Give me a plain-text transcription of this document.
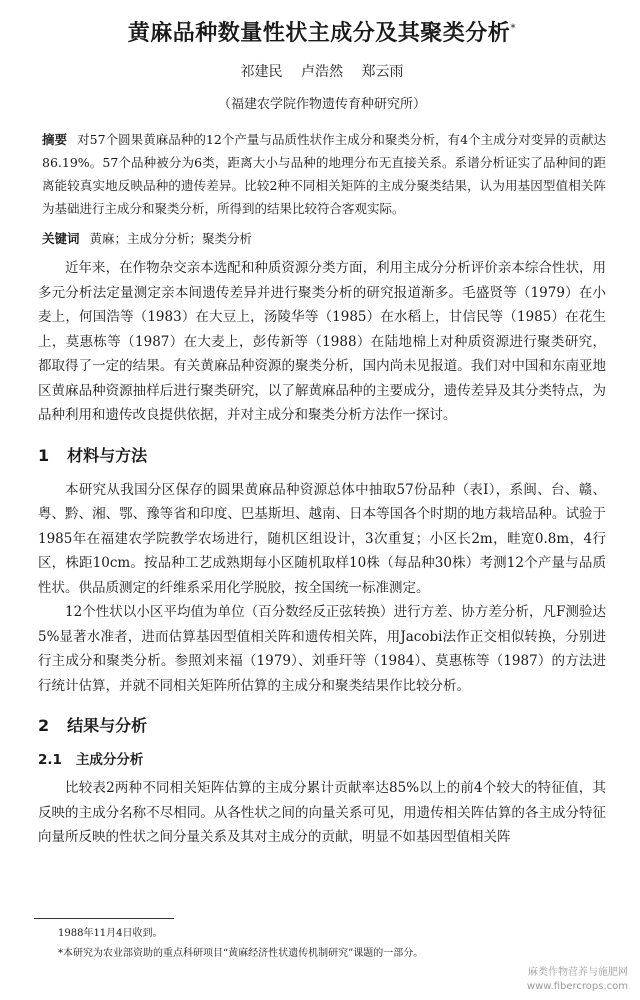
黄麻品种数量性状主成分及其聚类分析*
祁建民 卢浩然 郑云雨
（福建农学院作物遗传育种研究所）
摘要 对57个圆果黄麻品种的12个产量与品质性状作主成分和聚类分析，有4个主成分对变异的贡献达86.19%。57个品种被分为6类，距离大小与品种的地理分布无直接关系。系谱分析证实了品种间的距离能较真实地反映品种的遗传差异。比较2种不同相关矩阵的主成分聚类结果，认为用基因型值相关阵为基础进行主成分和聚类分析，所得到的结果比较符合客观实际。
关键词 黄麻；主成分分析；聚类分析

近年来，在作物杂交亲本选配和种质资源分类方面，利用主成分分析评价亲本综合性状，用多元分析法定量测定亲本间遗传差异并进行聚类分析的研究报道渐多。毛盛贤等（1979）在小麦上，何国浩等（1983）在大豆上，汤陵华等（1985）在水稻上，甘信民等（1985）在花生上，莫惠栋等（1987）在大麦上，彭传新等（1988）在陆地棉上对种质资源进行聚类研究，都取得了一定的结果。有关黄麻品种资源的聚类分析，国内尚未见报道。我们对中国和东南亚地区黄麻品种资源抽样后进行聚类研究，以了解黄麻品种的主要成分，遗传差异及其分类特点，为品种利用和遗传改良提供依据，并对主成分和聚类分析方法作一探讨。

1 材料与方法

本研究从我国分区保存的圆果黄麻品种资源总体中抽取57份品种（表Ⅰ），系闽、台、赣、粤、黔、湘、鄂、豫等省和印度、巴基斯坦、越南、日本等国各个时期的地方栽培品种。试验于1985年在福建农学院教学农场进行，随机区组设计，3次重复；小区长2m，畦宽0.8m，4行区，株距10cm。按品种工艺成熟期每小区随机取样10株（每品种30株）考测12个产量与品质性状。供品质测定的纤维系采用化学脱胶，按全国统一标准测定。

12个性状以小区平均值为单位（百分数经反正弦转换）进行方差、协方差分析，凡F测验达5%显著水准者，进而估算基因型值相关阵和遗传相关阵，用Jacobi法作正交相似转换，分别进行主成分和聚类分析。参照刘来福（1979）、刘垂玕等（1984）、莫惠栋等（1987）的方法进行统计估算，并就不同相关矩阵所估算的主成分和聚类结果作比较分析。

2 结果与分析
2.1 主成分分析

比较表2两种不同相关矩阵估算的主成分累计贡献率达85%以上的前4个较大的特征值，其反映的主成分名称不尽相同。从各性状之间的向量关系可见，用遗传相关阵估算的各主成分特征向量所反映的性状之间分量关系及其对主成分的贡献，明显不如基因型值相关阵

1988年11月4日收到。
*本研究为农业部资助的重点科研项目“黄麻经济性状遗传机制研究”课题的一部分。
麻类作物营养与施肥网
www.fibercrops.com
